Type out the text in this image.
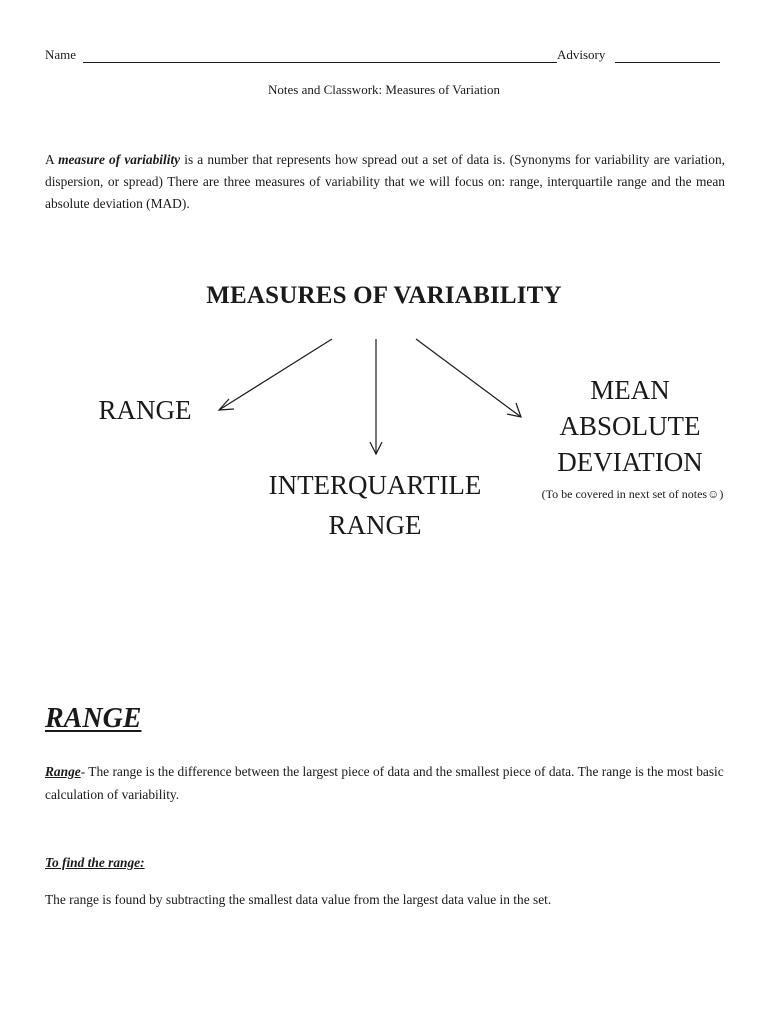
Name	Advisory
Notes and Classwork: Measures of Variation
A measure of variability is a number that represents how spread out a set of data is. (Synonyms for variability are variation, dispersion, or spread) There are three measures of variability that we will focus on: range, interquartile range and the mean absolute deviation (MAD).
MEASURES OF VARIABILITY
RANGE
INTERQUARTILE
RANGE
MEAN
ABSOLUTE
DEVIATION
(To be covered in next set of notes☺)
RANGE
Range- The range is the difference between the largest piece of data and the smallest piece of data. The range is the most basic calculation of variability.
To find the range:
The range is found by subtracting the smallest data value from the largest data value in the set.
